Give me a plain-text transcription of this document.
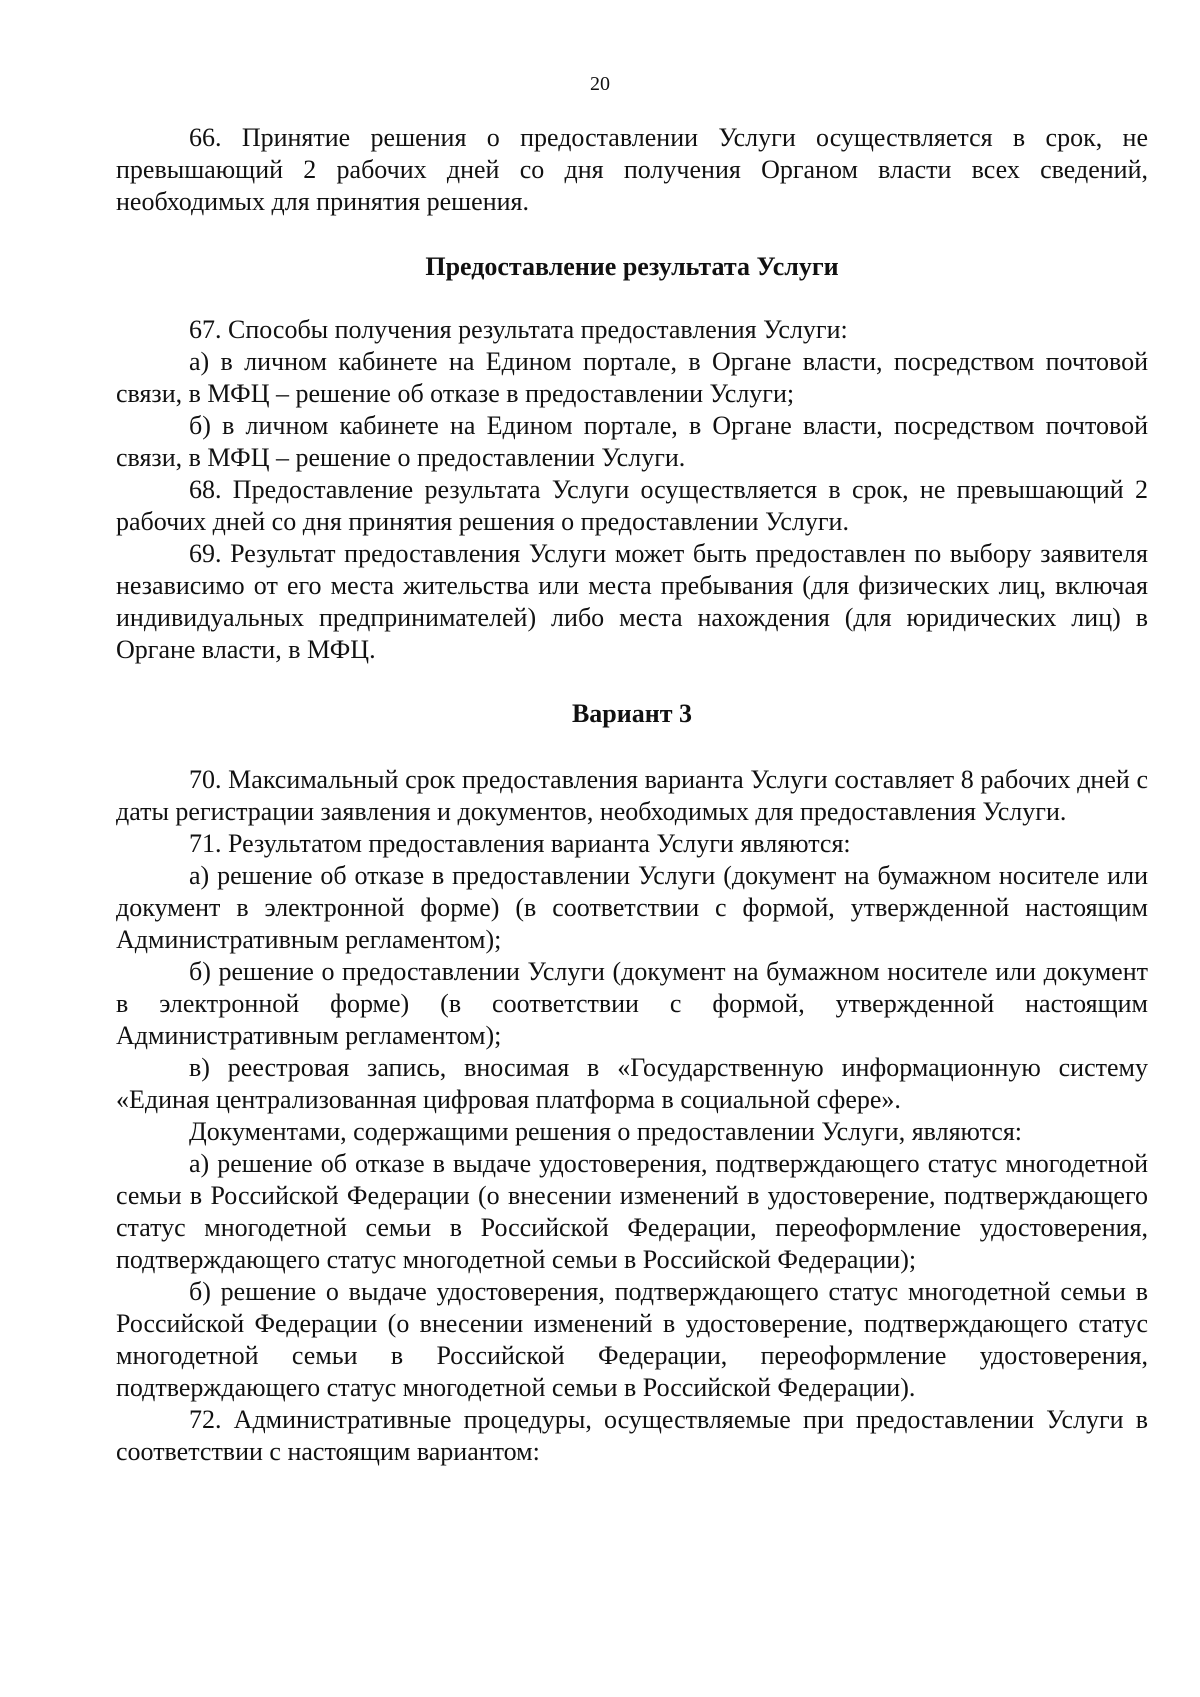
20

66. Принятие решения о предоставлении Услуги осуществляется в срок, не превышающий 2 рабочих дней со дня получения Органом власти всех сведений, необходимых для принятия решения.

Предоставление результата Услуги

67. Способы получения результата предоставления Услуги:

а) в личном кабинете на Едином портале, в Органе власти, посредством почтовой связи, в МФЦ – решение об отказе в предоставлении Услуги;

б) в личном кабинете на Едином портале, в Органе власти, посредством почтовой связи, в МФЦ – решение о предоставлении Услуги.

68. Предоставление результата Услуги осуществляется в срок, не превышающий 2 рабочих дней со дня принятия решения о предоставлении Услуги.

69. Результат предоставления Услуги может быть предоставлен по выбору заявителя независимо от его места жительства или места пребывания (для физических лиц, включая индивидуальных предпринимателей) либо места нахождения (для юридических лиц) в Органе власти, в МФЦ.

Вариант 3

70. Максимальный срок предоставления варианта Услуги составляет 8 рабочих дней с даты регистрации заявления и документов, необходимых для предоставления Услуги.

71. Результатом предоставления варианта Услуги являются:

а) решение об отказе в предоставлении Услуги (документ на бумажном носителе или документ в электронной форме) (в соответствии с формой, утвержденной настоящим Административным регламентом);

б) решение о предоставлении Услуги (документ на бумажном носителе или документ в электронной форме) (в соответствии с формой, утвержденной настоящим Административным регламентом);

в) реестровая запись, вносимая в «Государственную информационную систему «Единая централизованная цифровая платформа в социальной сфере».

Документами, содержащими решения о предоставлении Услуги, являются:

а) решение об отказе в выдаче удостоверения, подтверждающего статус многодетной семьи в Российской Федерации (о внесении изменений в удостоверение, подтверждающего статус многодетной семьи в Российской Федерации, переоформление удостоверения, подтверждающего статус многодетной семьи в Российской Федерации);

б) решение о выдаче удостоверения, подтверждающего статус многодетной семьи в Российской Федерации (о внесении изменений в удостоверение, подтверждающего статус многодетной семьи в Российской Федерации, переоформление удостоверения, подтверждающего статус многодетной семьи в Российской Федерации).

72. Административные процедуры, осуществляемые при предоставлении Услуги в соответствии с настоящим вариантом:
